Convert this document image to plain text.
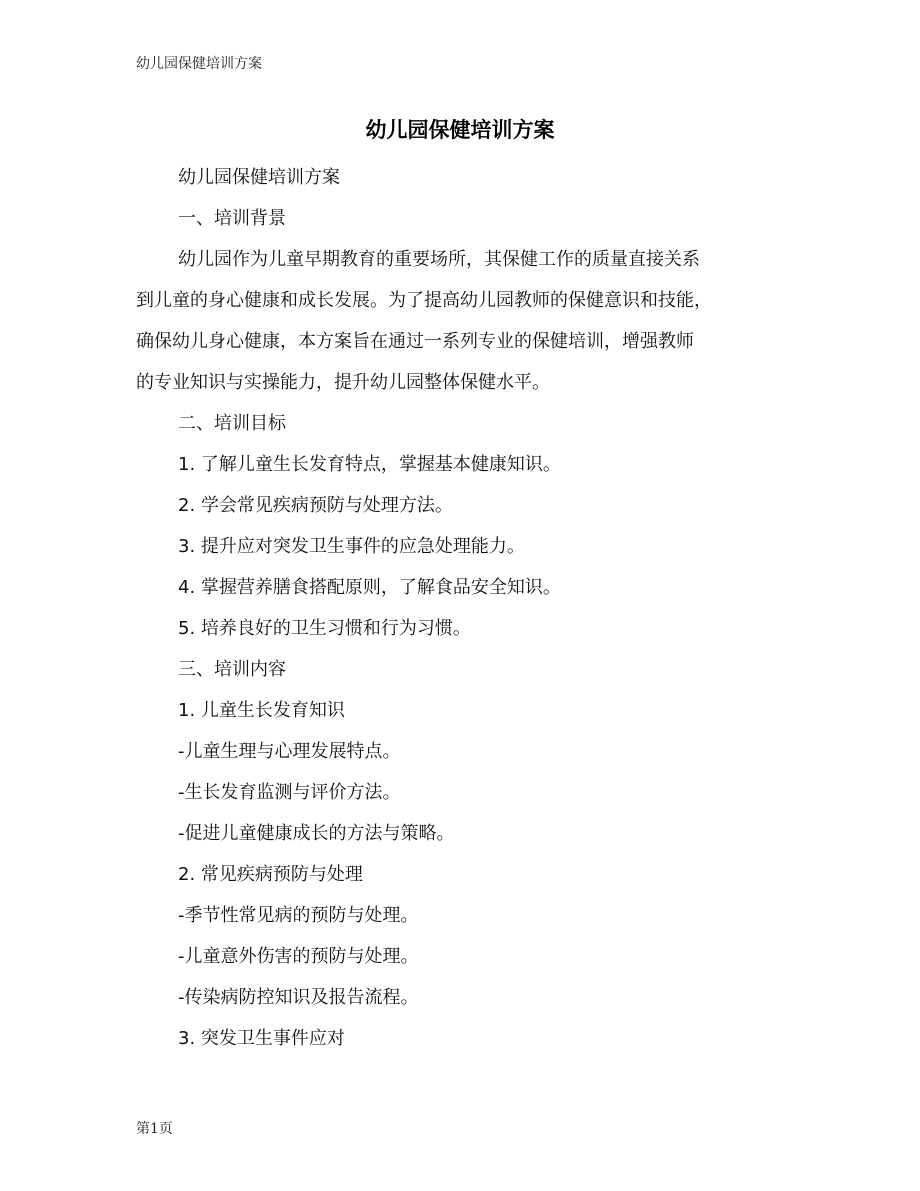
幼儿园保健培训方案
幼儿园保健培训方案
幼儿园保健培训方案
一、培训背景
幼儿园作为儿童早期教育的重要场所，其保健工作的质量直接关系
到儿童的身心健康和成长发展。为了提高幼儿园教师的保健意识和技能，
确保幼儿身心健康，本方案旨在通过一系列专业的保健培训，增强教师
的专业知识与实操能力，提升幼儿园整体保健水平。
二、培训目标
1. 了解儿童生长发育特点，掌握基本健康知识。
2. 学会常见疾病预防与处理方法。
3. 提升应对突发卫生事件的应急处理能力。
4. 掌握营养膳食搭配原则，了解食品安全知识。
5. 培养良好的卫生习惯和行为习惯。
三、培训内容
1. 儿童生长发育知识
-儿童生理与心理发展特点。
-生长发育监测与评价方法。
-促进儿童健康成长的方法与策略。
2. 常见疾病预防与处理
-季节性常见病的预防与处理。
-儿童意外伤害的预防与处理。
-传染病防控知识及报告流程。
3. 突发卫生事件应对
第1页
